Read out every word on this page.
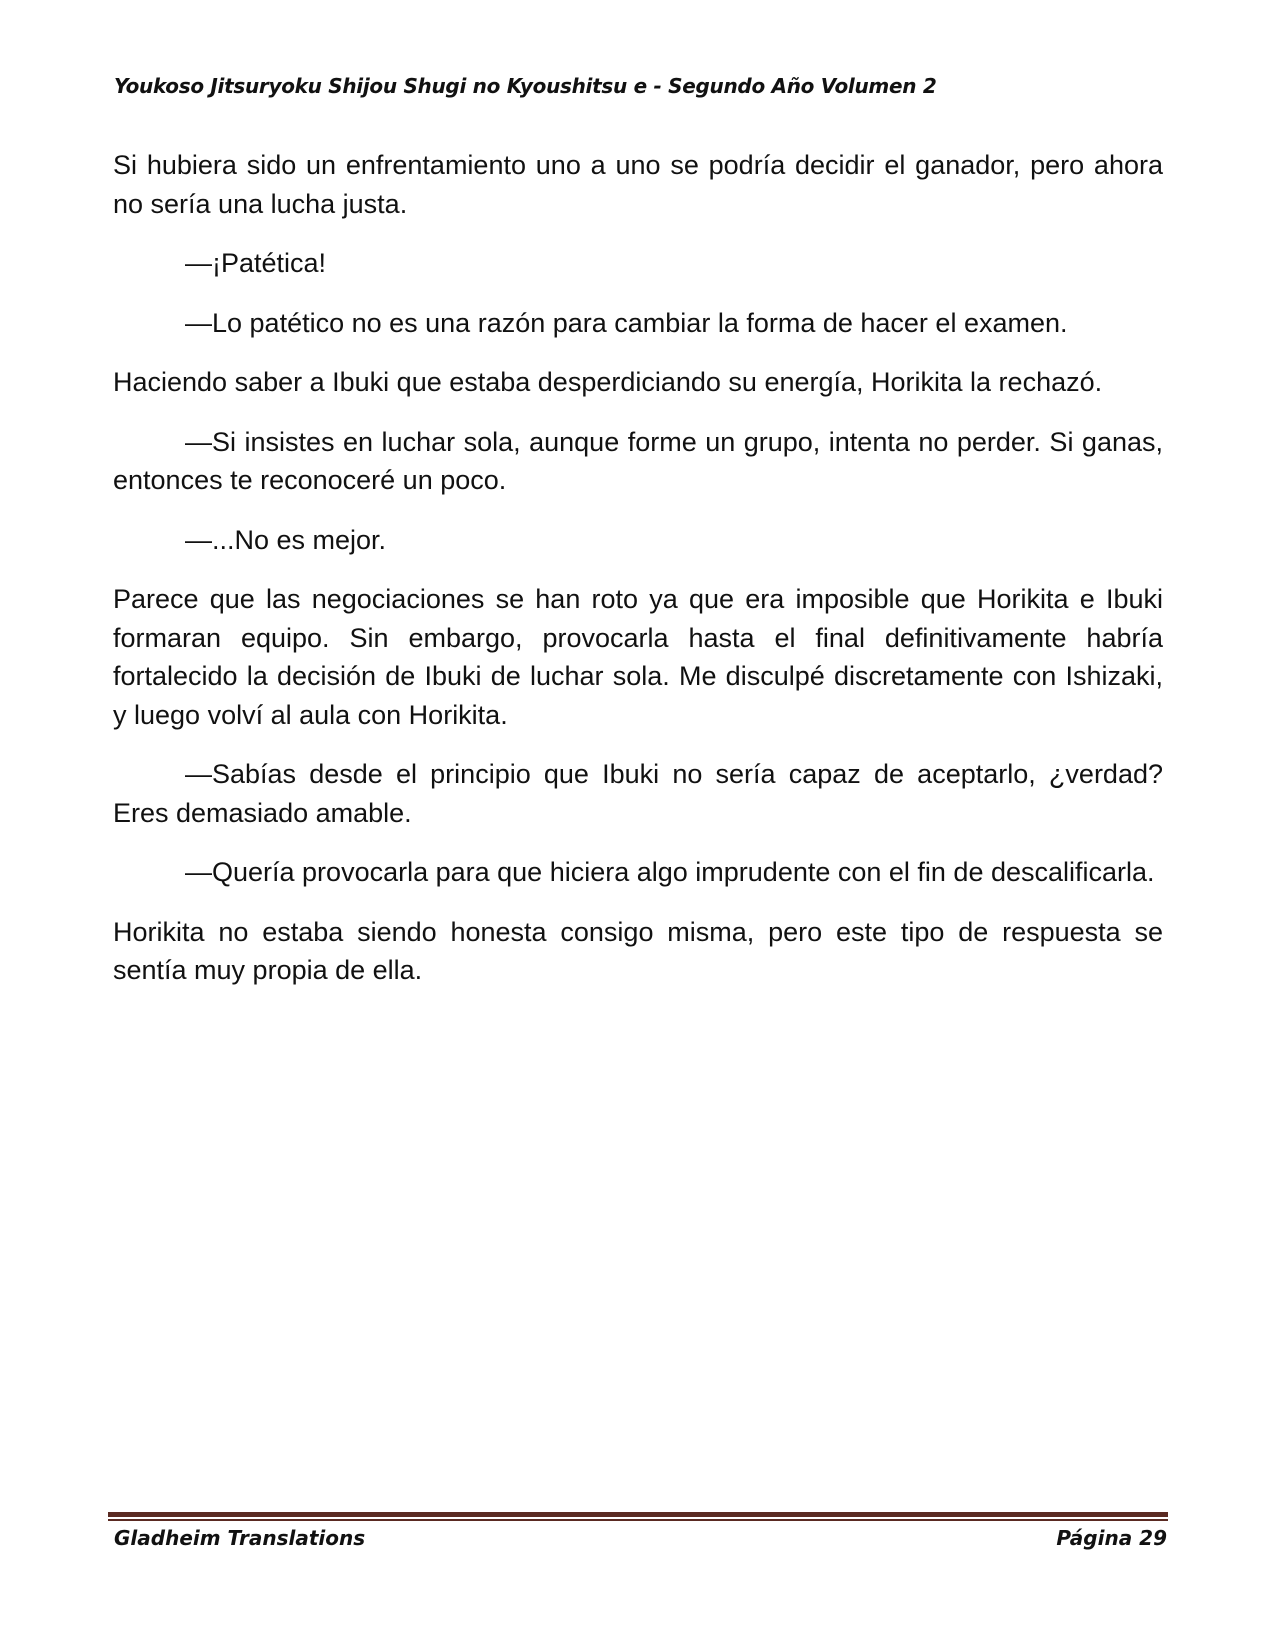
Youkoso Jitsuryoku Shijou Shugi no Kyoushitsu e - Segundo Año Volumen 2

Si hubiera sido un enfrentamiento uno a uno se podría decidir el ganador, pero ahora no sería una lucha justa.

—¡Patética!

—Lo patético no es una razón para cambiar la forma de hacer el examen.

Haciendo saber a Ibuki que estaba desperdiciando su energía, Horikita la rechazó.

—Si insistes en luchar sola, aunque forme un grupo, intenta no perder. Si ganas, entonces te reconoceré un poco.

—...No es mejor.

Parece que las negociaciones se han roto ya que era imposible que Horikita e Ibuki formaran equipo. Sin embargo, provocarla hasta el final definitivamente habría fortalecido la decisión de Ibuki de luchar sola. Me disculpé discretamente con Ishizaki, y luego volví al aula con Horikita.

—Sabías desde el principio que Ibuki no sería capaz de aceptarlo, ¿verdad? Eres demasiado amable.

—Quería provocarla para que hiciera algo imprudente con el fin de descalificarla.

Horikita no estaba siendo honesta consigo misma, pero este tipo de respuesta se sentía muy propia de ella.

Gladheim Translations	Página 29
